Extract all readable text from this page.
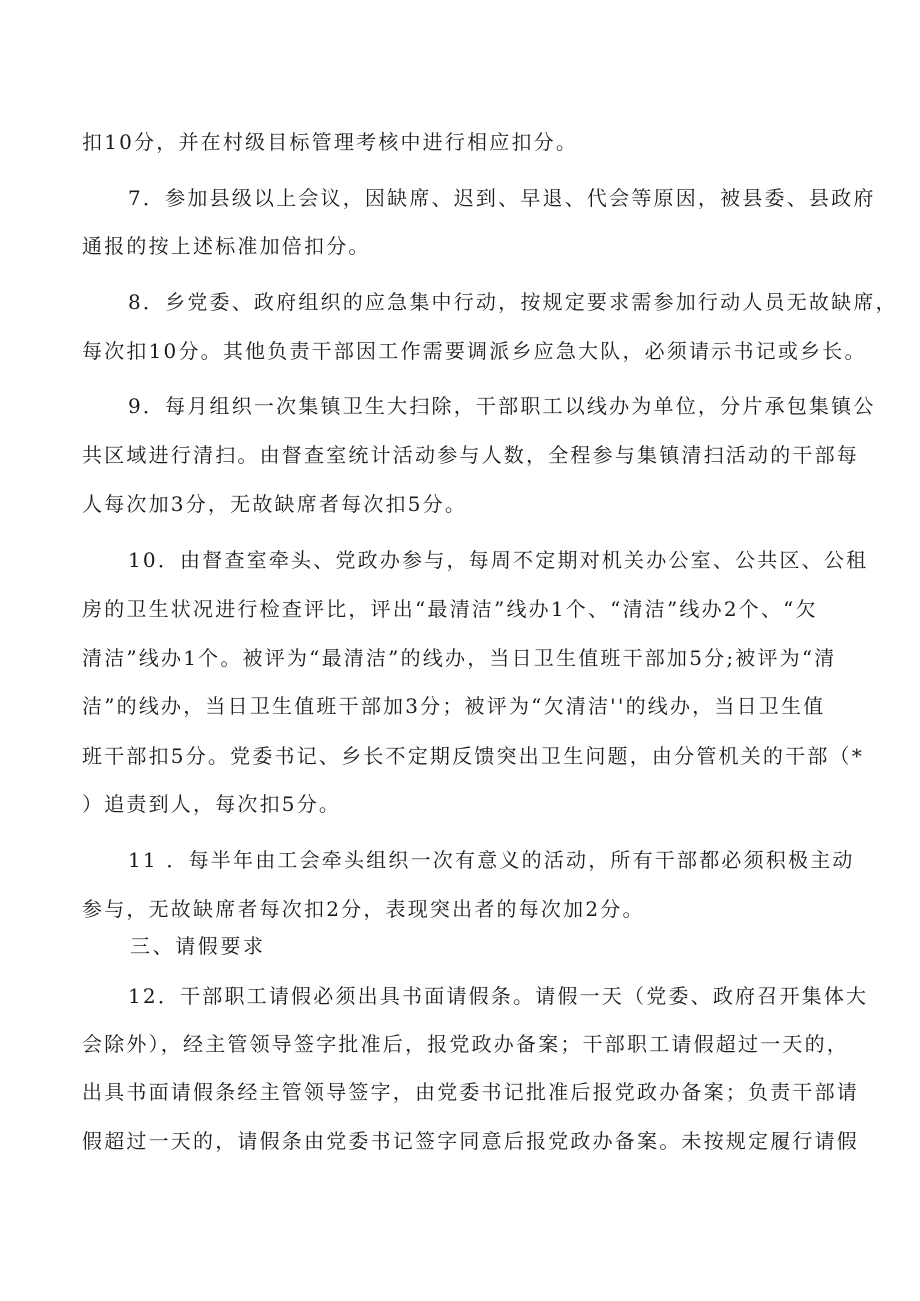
扣10分，并在村级目标管理考核中进行相应扣分。
7．参加县级以上会议，因缺席、迟到、早退、代会等原因，被县委、县政府
通报的按上述标准加倍扣分。
8．乡党委、政府组织的应急集中行动，按规定要求需参加行动人员无故缺席，
每次扣10分。其他负责干部因工作需要调派乡应急大队，必须请示书记或乡长。
9．每月组织一次集镇卫生大扫除，干部职工以线办为单位，分片承包集镇公
共区域进行清扫。由督查室统计活动参与人数，全程参与集镇清扫活动的干部每
人每次加3分，无故缺席者每次扣5分。
10．由督查室牵头、党政办参与，每周不定期对机关办公室、公共区、公租
房的卫生状况进行检查评比，评出“最清洁”线办1个、“清洁”线办2个、“欠
清洁”线办1个。被评为“最清洁”的线办，当日卫生值班干部加5分;被评为“清
洁”的线办，当日卫生值班干部加3分；被评为“欠清洁''的线办，当日卫生值
班干部扣5分。党委书记、乡长不定期反馈突出卫生问题，由分管机关的干部（*
）追责到人，每次扣5分。
11 ．每半年由工会牵头组织一次有意义的活动，所有干部都必须积极主动
参与，无故缺席者每次扣2分，表现突出者的每次加2分。
三、请假要求
12．干部职工请假必须出具书面请假条。请假一天（党委、政府召开集体大
会除外），经主管领导签字批准后，报党政办备案；干部职工请假超过一天的，
出具书面请假条经主管领导签字，由党委书记批准后报党政办备案；负责干部请
假超过一天的，请假条由党委书记签字同意后报党政办备案。未按规定履行请假
